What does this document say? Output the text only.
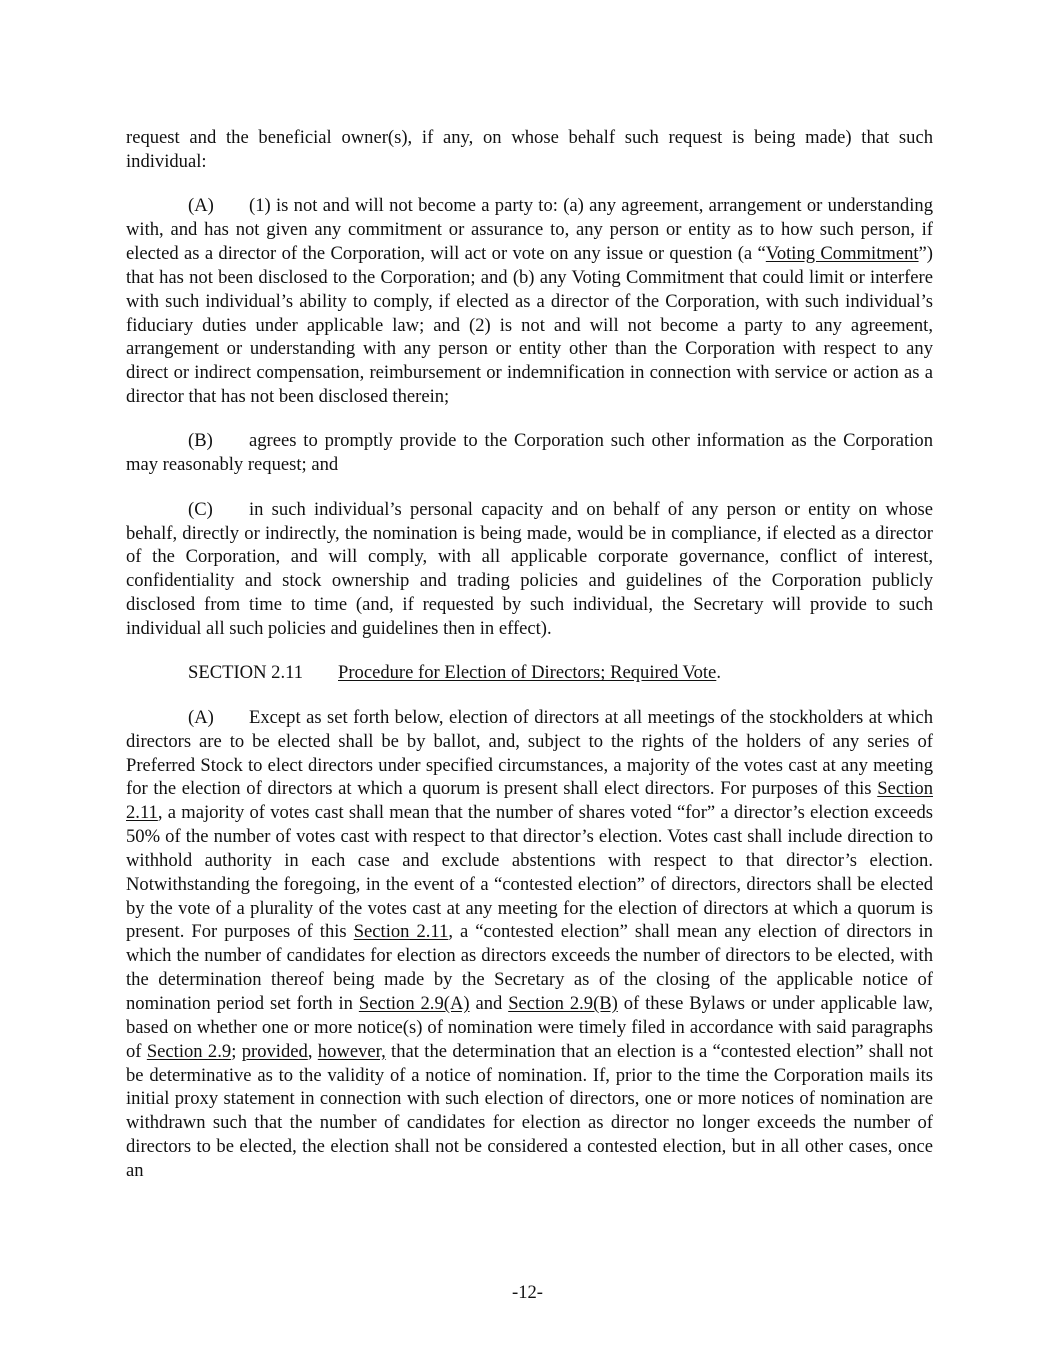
request and the beneficial owner(s), if any, on whose behalf such request is being made) that such individual:

(A) (1) is not and will not become a party to: (a) any agreement, arrangement or understanding with, and has not given any commitment or assurance to, any person or entity as to how such person, if elected as a director of the Corporation, will act or vote on any issue or question (a “Voting Commitment”) that has not been disclosed to the Corporation; and (b) any Voting Commitment that could limit or interfere with such individual’s ability to comply, if elected as a director of the Corporation, with such individual’s fiduciary duties under applicable law; and (2) is not and will not become a party to any agreement, arrangement or understanding with any person or entity other than the Corporation with respect to any direct or indirect compensation, reimbursement or indemnification in connection with service or action as a director that has not been disclosed therein;

(B) agrees to promptly provide to the Corporation such other information as the Corporation may reasonably request; and

(C) in such individual’s personal capacity and on behalf of any person or entity on whose behalf, directly or indirectly, the nomination is being made, would be in compliance, if elected as a director of the Corporation, and will comply, with all applicable corporate governance, conflict of interest, confidentiality and stock ownership and trading policies and guidelines of the Corporation publicly disclosed from time to time (and, if requested by such individual, the Secretary will provide to such individual all such policies and guidelines then in effect).

SECTION 2.11 Procedure for Election of Directors; Required Vote.

(A) Except as set forth below, election of directors at all meetings of the stockholders at which directors are to be elected shall be by ballot, and, subject to the rights of the holders of any series of Preferred Stock to elect directors under specified circumstances, a majority of the votes cast at any meeting for the election of directors at which a quorum is present shall elect directors. For purposes of this Section 2.11, a majority of votes cast shall mean that the number of shares voted “for” a director’s election exceeds 50% of the number of votes cast with respect to that director’s election. Votes cast shall include direction to withhold authority in each case and exclude abstentions with respect to that director’s election. Notwithstanding the foregoing, in the event of a “contested election” of directors, directors shall be elected by the vote of a plurality of the votes cast at any meeting for the election of directors at which a quorum is present. For purposes of this Section 2.11, a “contested election” shall mean any election of directors in which the number of candidates for election as directors exceeds the number of directors to be elected, with the determination thereof being made by the Secretary as of the closing of the applicable notice of nomination period set forth in Section 2.9(A) and Section 2.9(B) of these Bylaws or under applicable law, based on whether one or more notice(s) of nomination were timely filed in accordance with said paragraphs of Section 2.9; provided, however, that the determination that an election is a “contested election” shall not be determinative as to the validity of a notice of nomination. If, prior to the time the Corporation mails its initial proxy statement in connection with such election of directors, one or more notices of nomination are withdrawn such that the number of candidates for election as director no longer exceeds the number of directors to be elected, the election shall not be considered a contested election, but in all other cases, once an

-12-
